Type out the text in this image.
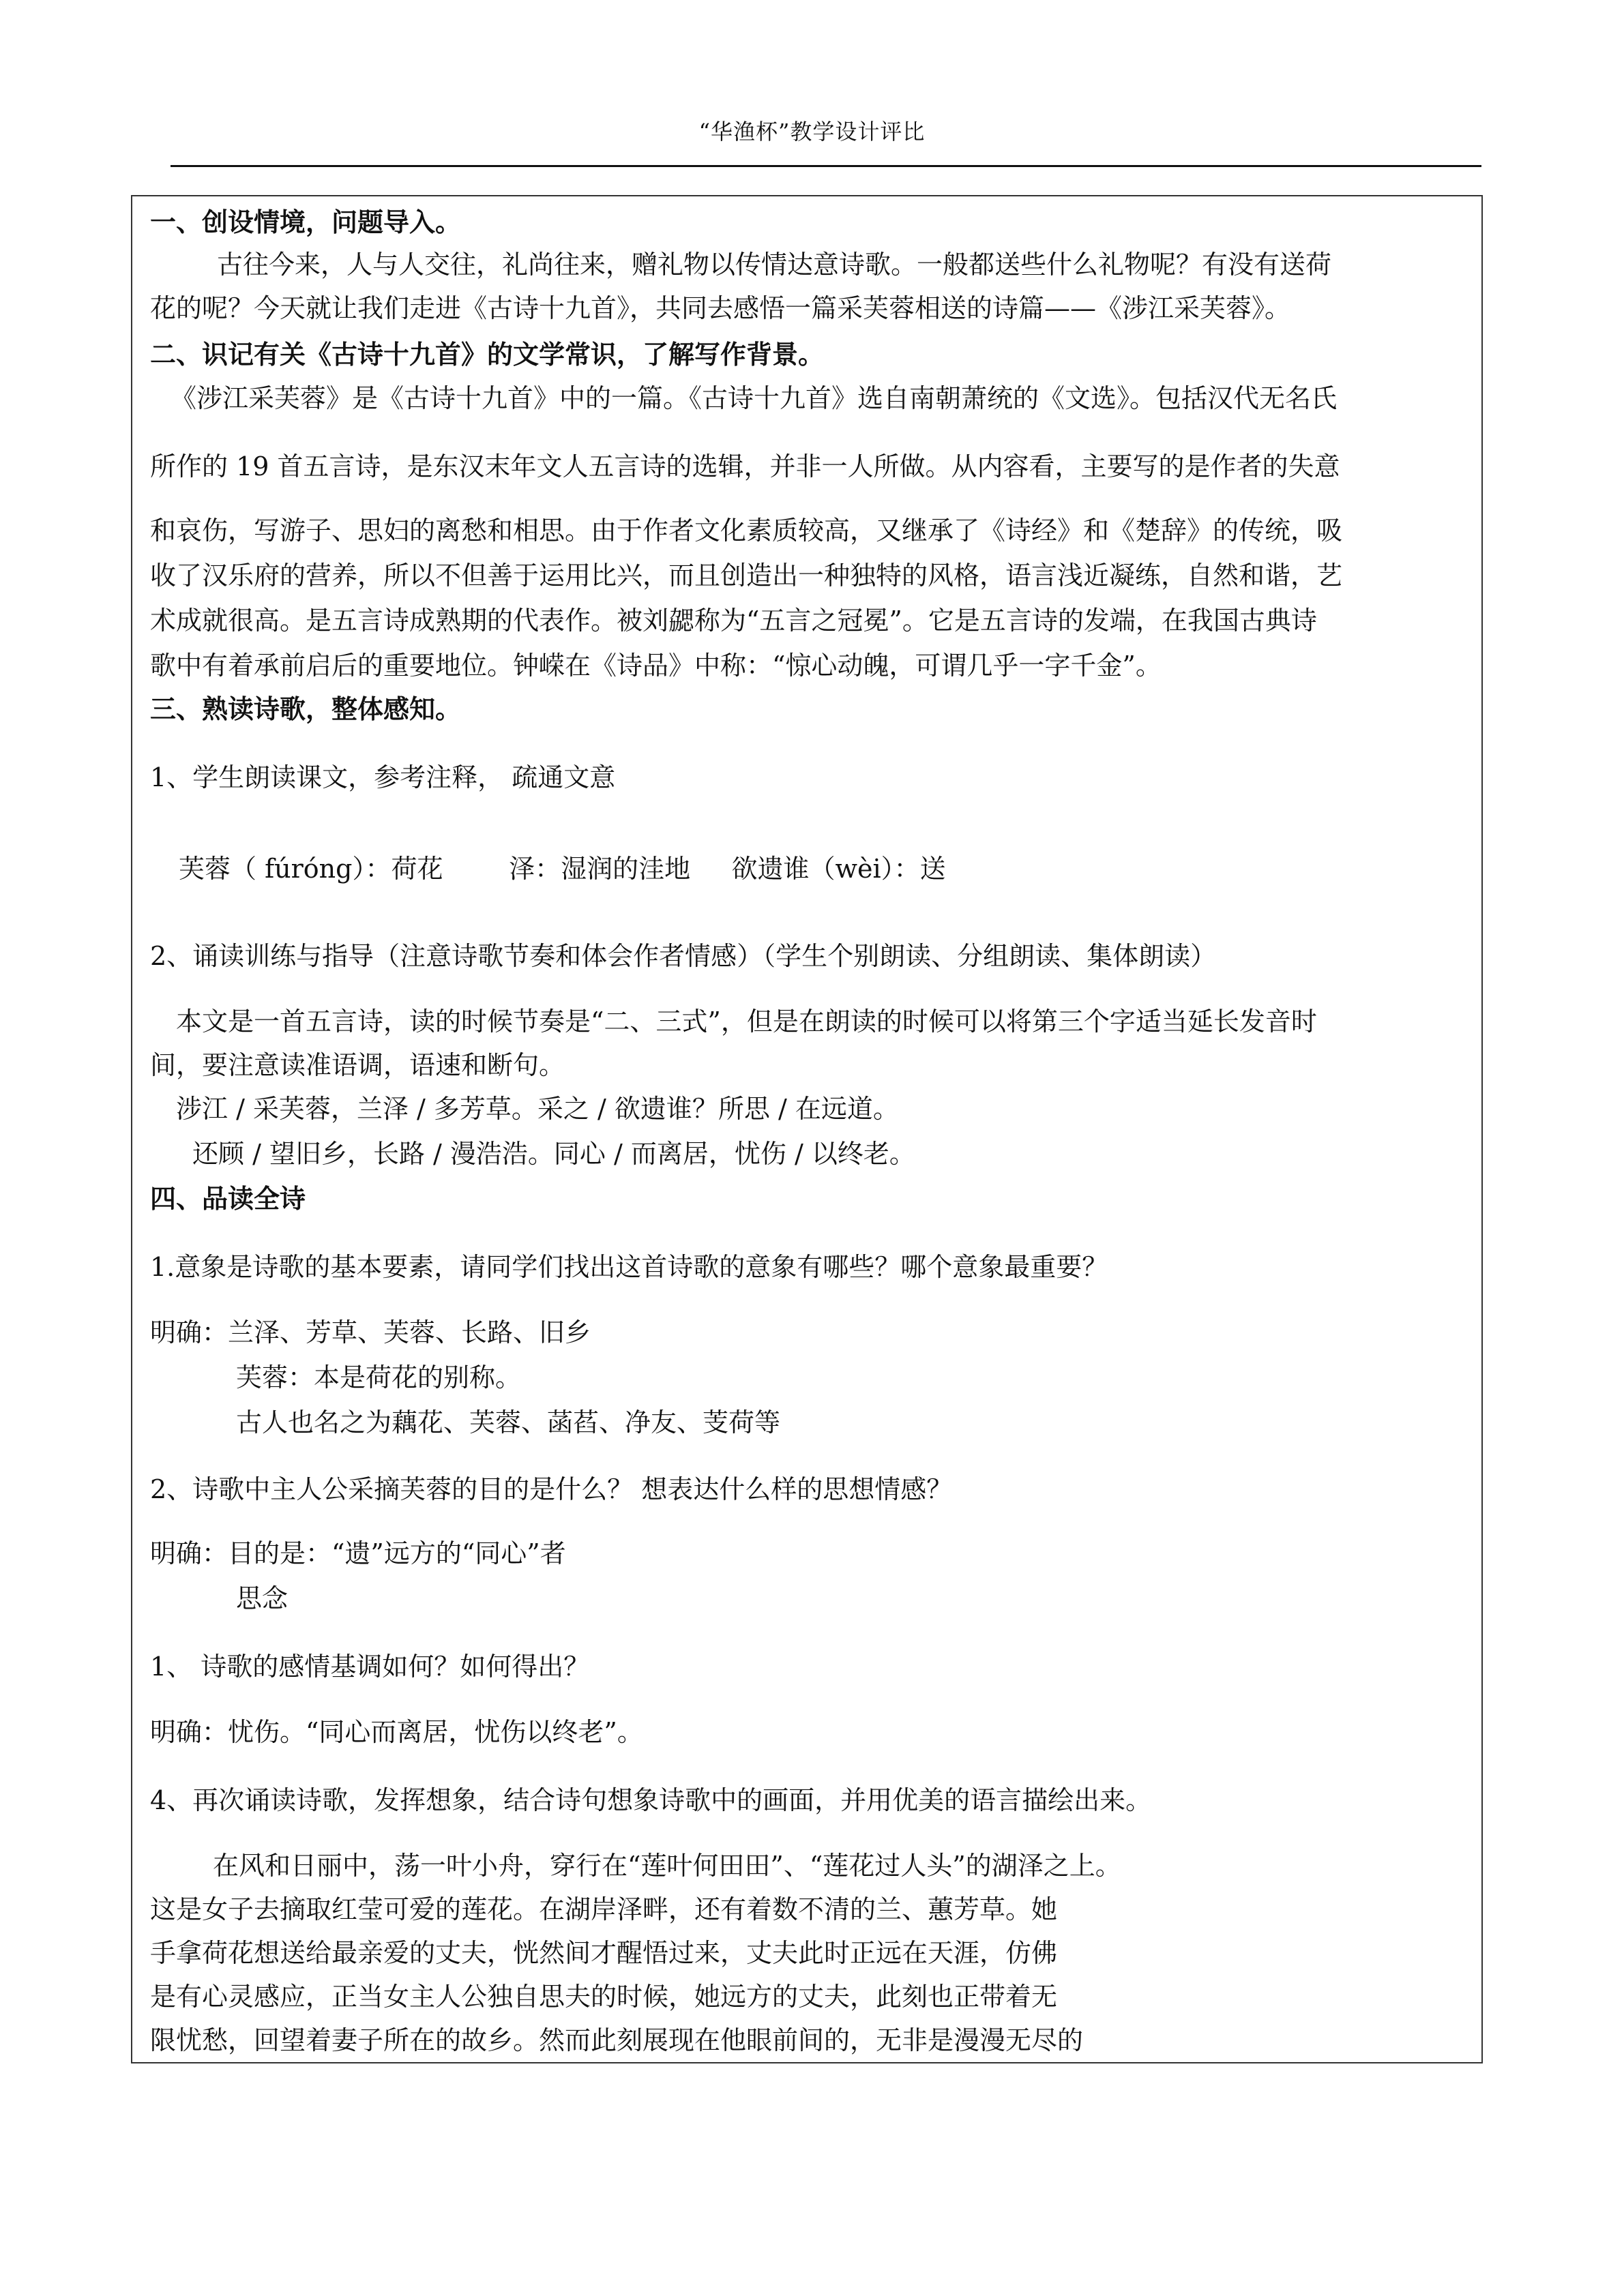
“华渔杯”教学设计评比
一、创设情境，问题导入。
古往今来，人与人交往，礼尚往来，赠礼物以传情达意诗歌。一般都送些什么礼物呢？有没有送荷
花的呢？今天就让我们走进《古诗十九首》，共同去感悟一篇采芙蓉相送的诗篇——《涉江采芙蓉》。
二、识记有关《古诗十九首》的文学常识，了解写作背景。
《涉江采芙蓉》是《古诗十九首》中的一篇。《古诗十九首》选自南朝萧统的《文选》。包括汉代无名氏
所作的 19 首五言诗，是东汉末年文人五言诗的选辑，并非一人所做。从内容看，主要写的是作者的失意
和哀伤，写游子、思妇的离愁和相思。由于作者文化素质较高，又继承了《诗经》和《楚辞》的传统，吸
收了汉乐府的营养，所以不但善于运用比兴，而且创造出一种独特的风格，语言浅近凝练，自然和谐，艺
术成就很高。是五言诗成熟期的代表作。被刘勰称为“五言之冠冕”。它是五言诗的发端，在我国古典诗
歌中有着承前启后的重要地位。钟嵘在《诗品》中称：“惊心动魄，可谓几乎一字千金”。
三、熟读诗歌，整体感知。
1、学生朗读课文，参考注释， 疏通文意
芙蓉（ fúróng）：荷花        泽：湿润的洼地     欲遗谁（wèi）：送
2、诵读训练与指导（注意诗歌节奏和体会作者情感）（学生个别朗读、分组朗读、集体朗读）
本文是一首五言诗，读的时候节奏是“二、三式”，但是在朗读的时候可以将第三个字适当延长发音时
间，要注意读准语调，语速和断句。
涉江 / 采芙蓉，兰泽 / 多芳草。采之 / 欲遗谁？所思 / 在远道。
还顾 / 望旧乡，长路 / 漫浩浩。同心 / 而离居，忧伤 / 以终老。
四、品读全诗
1.意象是诗歌的基本要素，请同学们找出这首诗歌的意象有哪些？哪个意象最重要？
明确：兰泽、芳草、芙蓉、长路、旧乡
芙蓉：本是荷花的别称。
古人也名之为藕花、芙蓉、菡萏、净友、芰荷等
2、诗歌中主人公采摘芙蓉的目的是什么？ 想表达什么样的思想情感？
明确：目的是：“遗”远方的“同心”者
思念
1、 诗歌的感情基调如何？如何得出？
明确：忧伤。“同心而离居，忧伤以终老”。
4、再次诵读诗歌，发挥想象，结合诗句想象诗歌中的画面，并用优美的语言描绘出来。
在风和日丽中，荡一叶小舟，穿行在“莲叶何田田”、“莲花过人头”的湖泽之上。
这是女子去摘取红莹可爱的莲花。在湖岸泽畔，还有着数不清的兰、蕙芳草。她
手拿荷花想送给最亲爱的丈夫，恍然间才醒悟过来，丈夫此时正远在天涯，仿佛
是有心灵感应，正当女主人公独自思夫的时候，她远方的丈夫，此刻也正带着无
限忧愁，回望着妻子所在的故乡。然而此刻展现在他眼前间的，无非是漫漫无尽的
